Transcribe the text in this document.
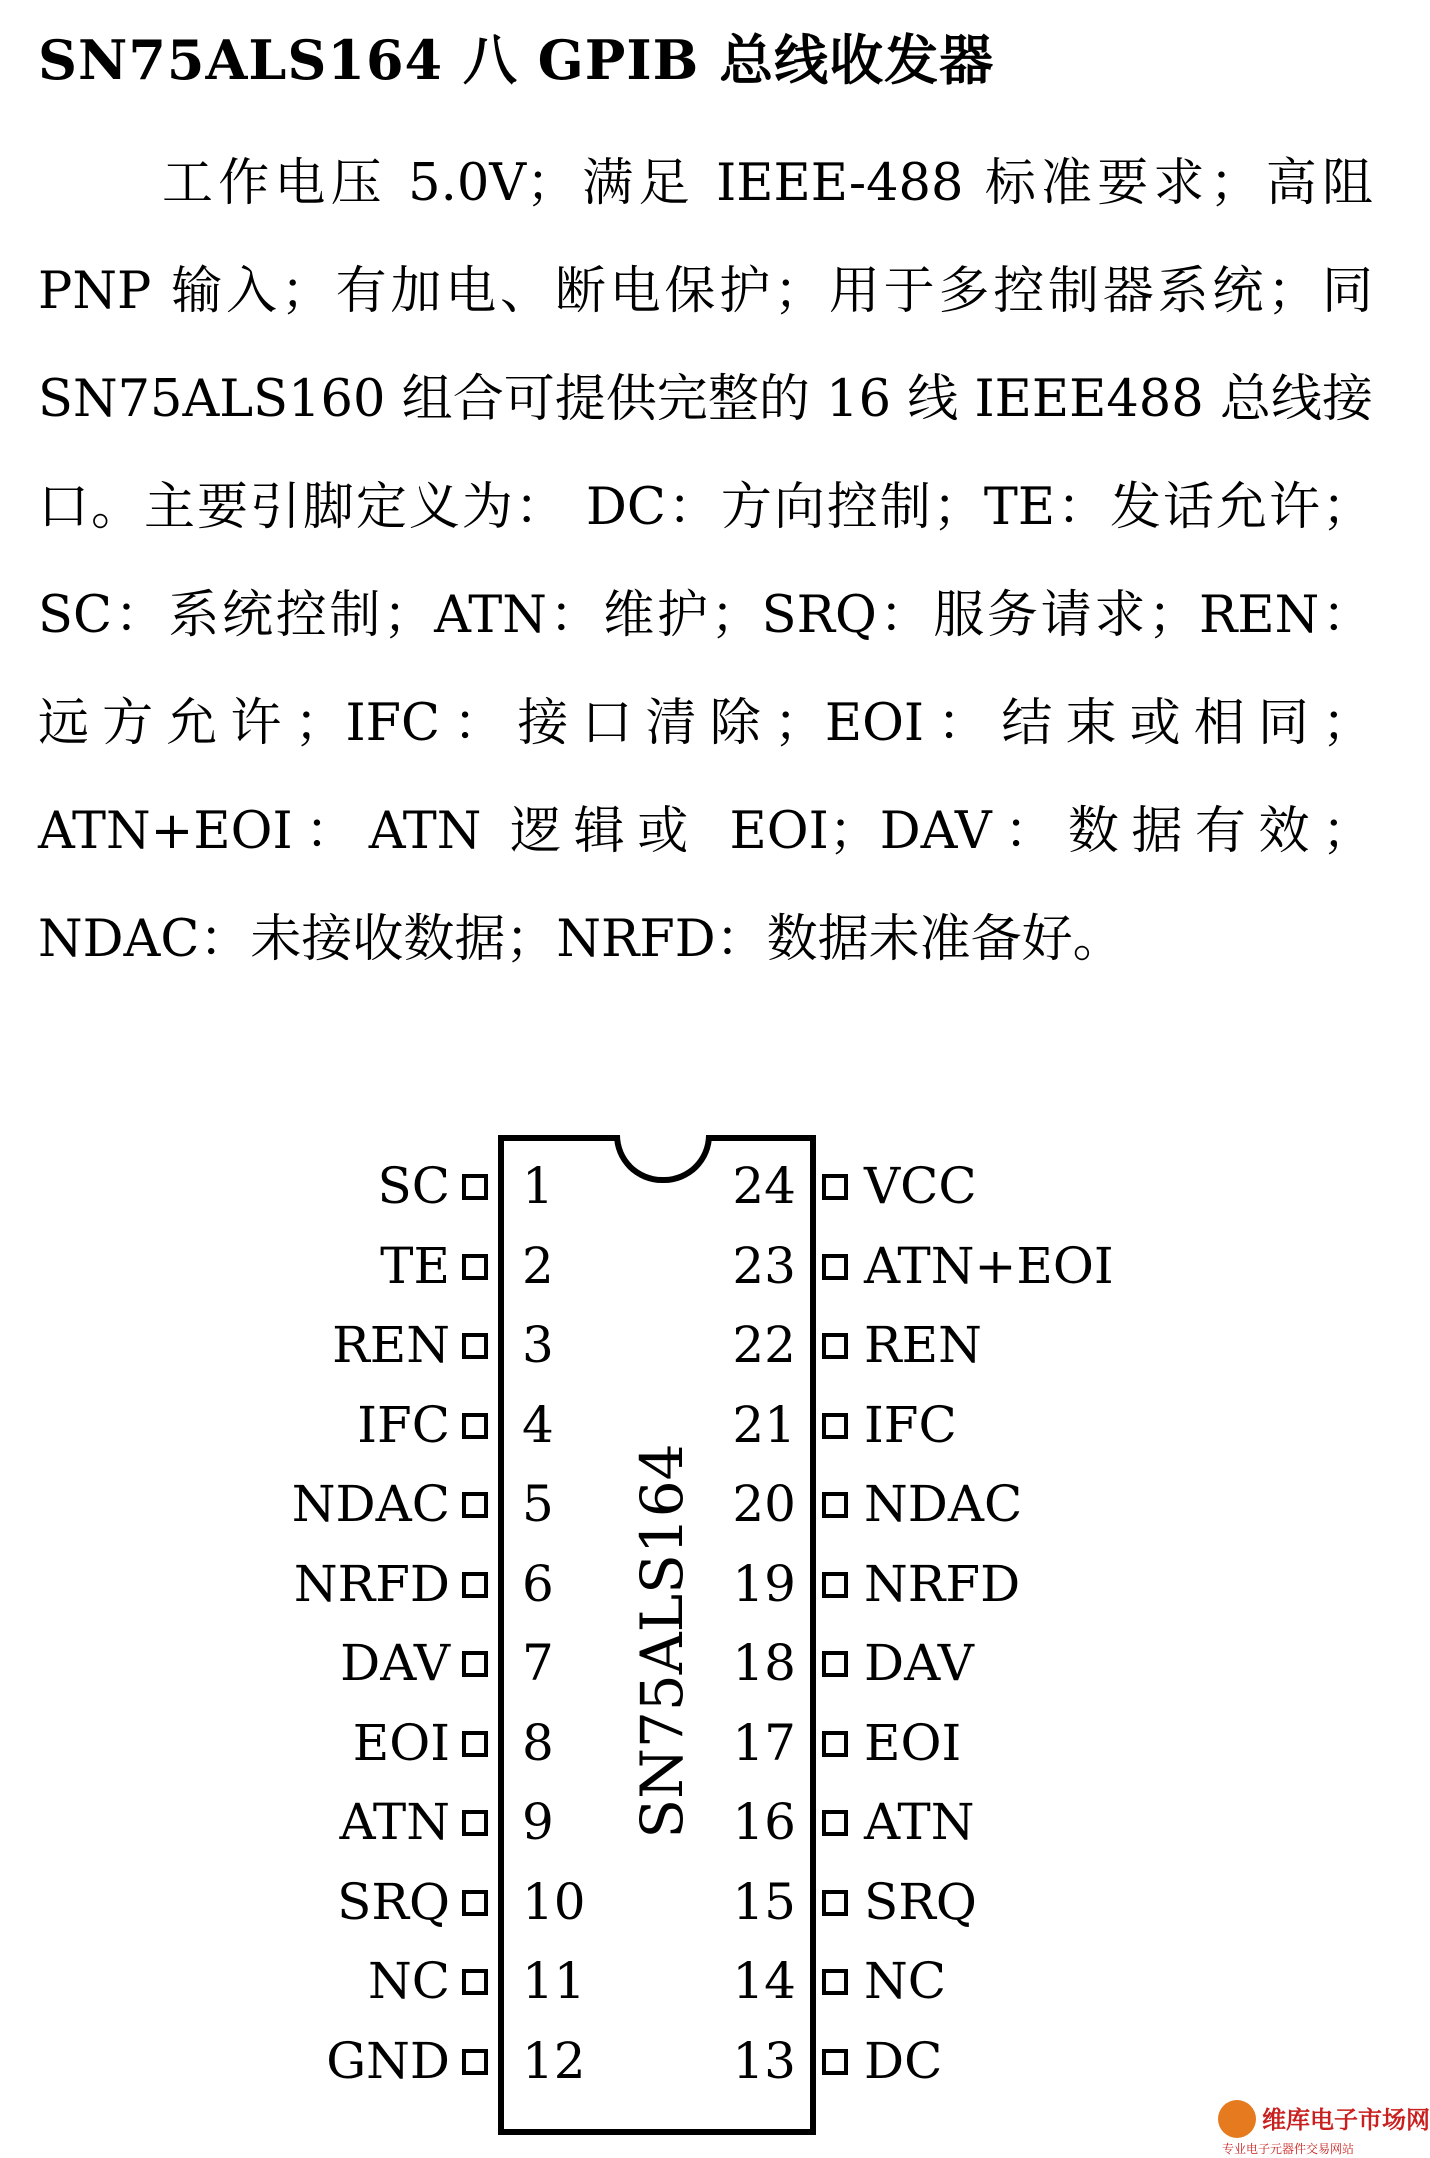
SN75ALS164 八 GPIB 总线收发器
工作电压 5.0V；满足 IEEE-488 标准要求；高阻 PNP 输入；有加电、断电保护；用于多控制器系统；同 SN75ALS160 组合可提供完整的 16 线 IEEE488 总线接口。主要引脚定义为： DC：方向控制；TE：发话允许；SC：系统控制；ATN：维护；SRQ：服务请求；REN：远方允许；IFC：接口清除；EOI：结束或相同；ATN+EOI：ATN 逻辑或 EOI；DAV：数据有效；NDAC：未接收数据；NRFD：数据未准备好。
SN75ALS164
SC 1
TE 2
REN 3
IFC 4
NDAC 5
NRFD 6
DAV 7
EOI 8
ATN 9
SRQ 10
NC 11
GND 12
24 VCC
23 ATN+EOI
22 REN
21 IFC
20 NDAC
19 NRFD
18 DAV
17 EOI
16 ATN
15 SRQ
14 NC
13 DC
维库电子市场网
专业电子元器件交易网站
